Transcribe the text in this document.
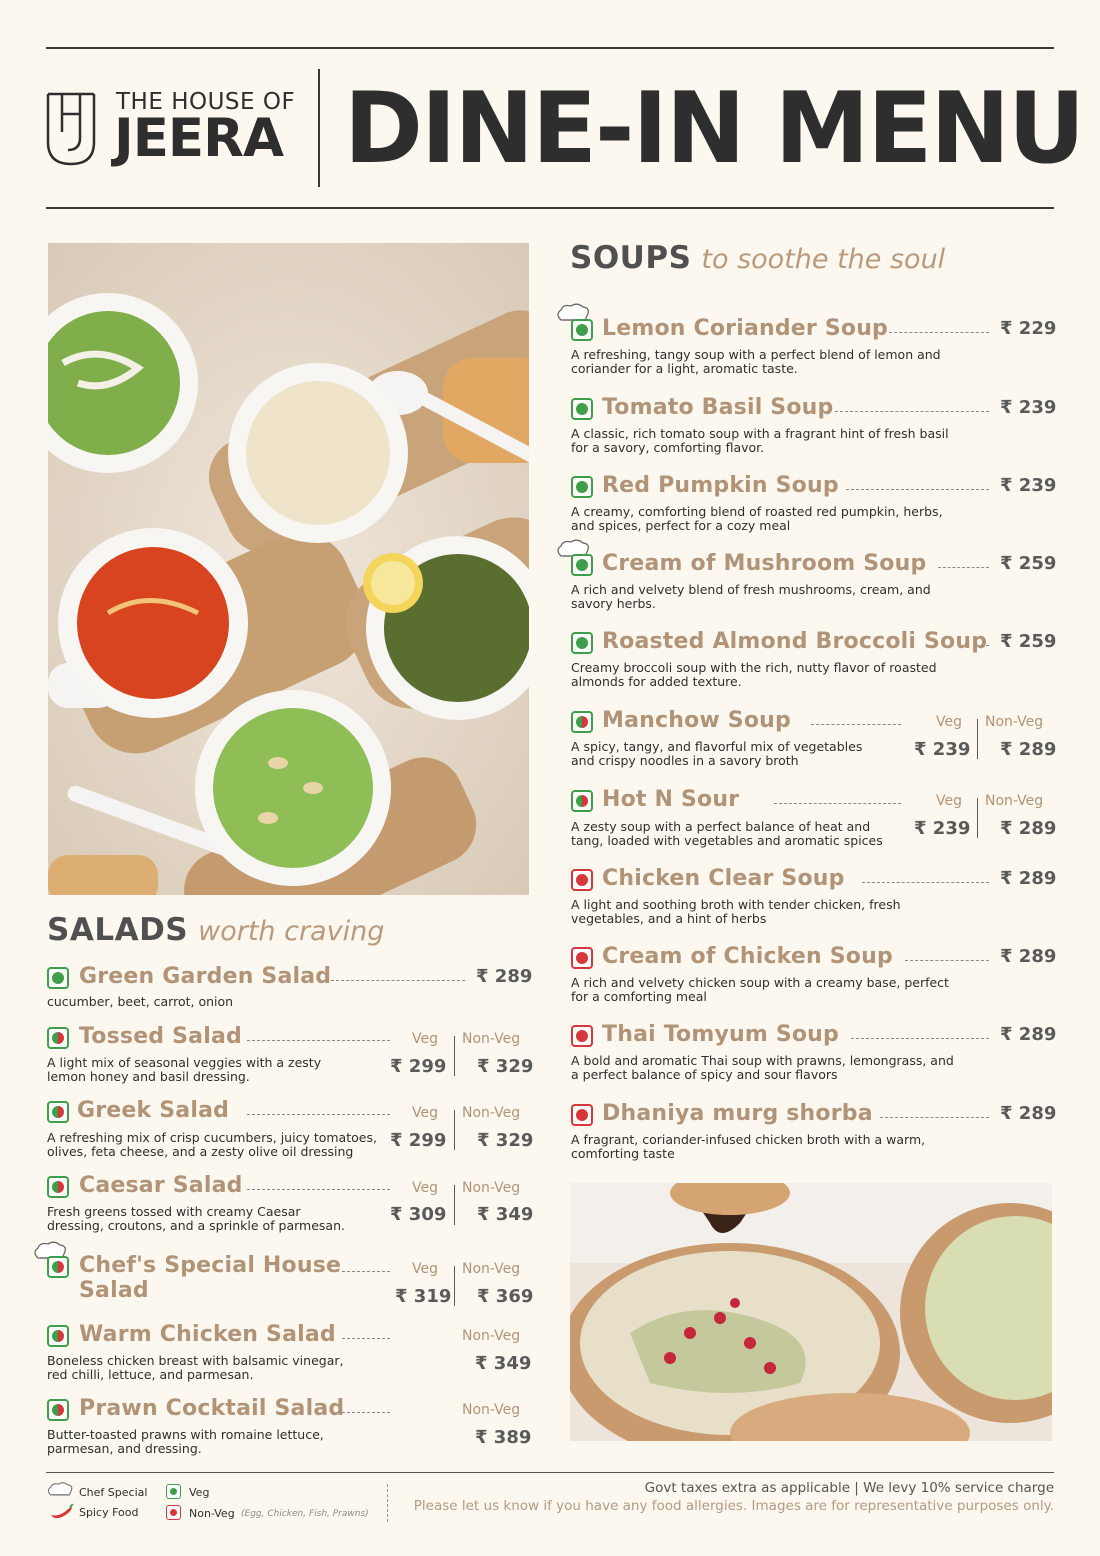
THE HOUSE OF
JEERA DINE-IN MENU
SALADS worth craving
Green Garden Salad	₹ 289
cucumber, beet, carrot, onion
Tossed Salad	Veg Non-Veg
₹ 299 ₹ 329
A light mix of seasonal veggies with a zesty lemon honey and basil dressing.
Greek Salad	Veg Non-Veg
₹ 299 ₹ 329
A refreshing mix of crisp cucumbers, juicy tomatoes, olives, feta cheese, and a zesty olive oil dressing
Caesar Salad	Veg Non-Veg
₹ 309 ₹ 349
Fresh greens tossed with creamy Caesar dressing, croutons, and a sprinkle of parmesan.
Chef's Special House
Salad
Veg Non-Veg
₹ 319 ₹ 369
Warm Chicken Salad	Non-Veg
₹ 349
Boneless chicken breast with balsamic vinegar, red chilli, lettuce, and parmesan.
Prawn Cocktail Salad	Non-Veg
₹ 389
Butter-toasted prawns with romaine lettuce, parmesan, and dressing.
SOUPS to soothe the soul
Lemon Coriander Soup	₹ 229
A refreshing, tangy soup with a perfect blend of lemon and coriander for a light, aromatic taste.
Tomato Basil Soup	₹ 239
A classic, rich tomato soup with a fragrant hint of fresh basil for a savory, comforting flavor.
Red Pumpkin Soup	₹ 239
A creamy, comforting blend of roasted red pumpkin, herbs, and spices, perfect for a cozy meal
Cream of Mushroom Soup	₹ 259
A rich and velvety blend of fresh mushrooms, cream, and savory herbs.
Roasted Almond Broccoli Soup ₹ 259
Creamy broccoli soup with the rich, nutty flavor of roasted almonds for added texture.
Manchow Soup	Veg Non-Veg
₹ 239 ₹ 289
A spicy, tangy, and flavorful mix of vegetables and crispy noodles in a savory broth
Hot N Sour	Veg Non-Veg
₹ 239 ₹ 289
A zesty soup with a perfect balance of heat and tang, loaded with vegetables and aromatic spices
Chicken Clear Soup	₹ 289
A light and soothing broth with tender chicken, fresh vegetables, and a hint of herbs
Cream of Chicken Soup	₹ 289
A rich and velvety chicken soup with a creamy base, perfect for a comforting meal
Thai Tomyum Soup	₹ 289
A bold and aromatic Thai soup with prawns, lemongrass, and a perfect balance of spicy and sour flavors
Dhaniya murg shorba	₹ 289
A fragrant, coriander-infused chicken broth with a warm, comforting taste
Chef Special
Spicy Food
Veg
Non-Veg (Egg, Chicken, Fish, Prawns)
Govt taxes extra as applicable | We levy 10% service charge
Please let us know if you have any food allergies. Images are for representative purposes only.
